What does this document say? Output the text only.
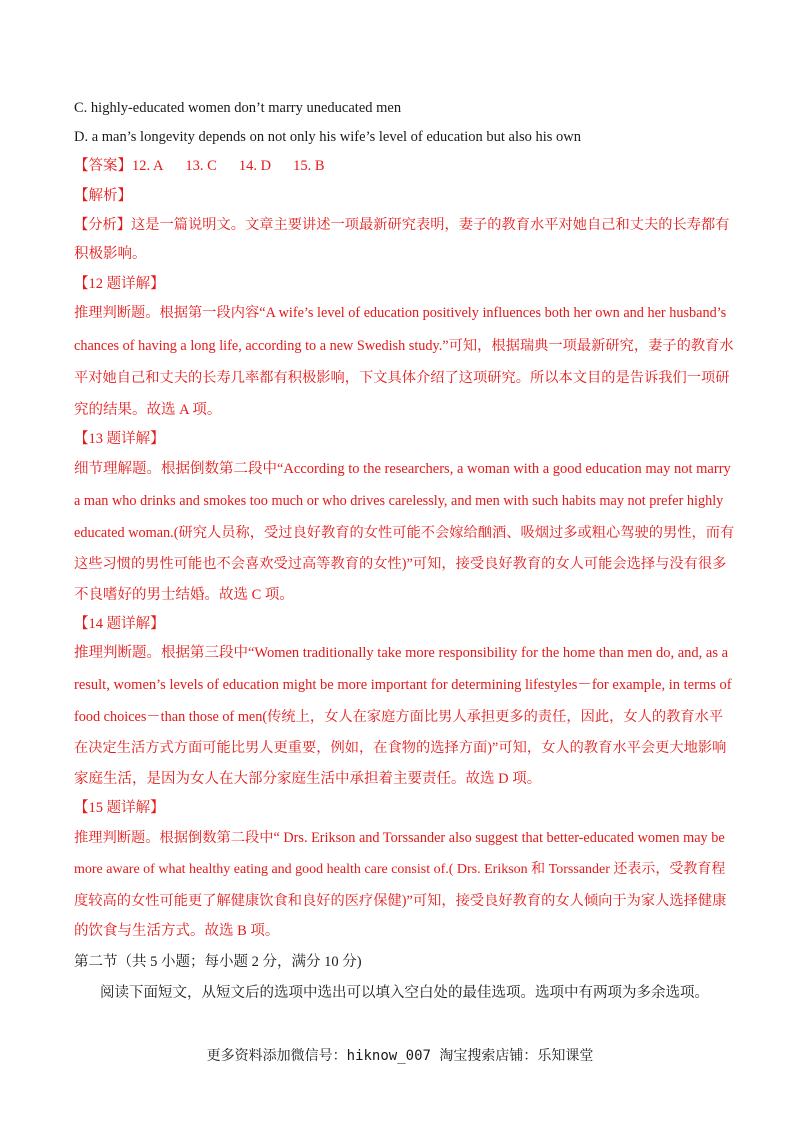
C. highly-educated women don’t marry uneducated men
D. a man’s longevity depends on not only his wife’s level of education but also his own
【答案】12. A 13. C 14. D 15. B
【解析】
【分析】这是一篇说明文。文章主要讲述一项最新研究表明，妻子的教育水平对她自己和丈夫的长寿都有
积极影响。
【12 题详解】
推理判断题。根据第一段内容“A wife’s level of education positively influences both her own and her husband’s
chances of having a long life, according to a new Swedish study.”可知，根据瑞典一项最新研究，妻子的教育水
平对她自己和丈夫的长寿几率都有积极影响，下文具体介绍了这项研究。所以本文目的是告诉我们一项研
究的结果。故选 A 项。
【13 题详解】
细节理解题。根据倒数第二段中“According to the researchers, a woman with a good education may not marry
a man who drinks and smokes too much or who drives carelessly, and men with such habits may not prefer highly
educated woman.(研究人员称，受过良好教育的女性可能不会嫁给酗酒、吸烟过多或粗心驾驶的男性，而有
这些习惯的男性可能也不会喜欢受过高等教育的女性)”可知，接受良好教育的女人可能会选择与没有很多
不良嗜好的男士结婚。故选 C 项。
【14 题详解】
推理判断题。根据第三段中“Women traditionally take more responsibility for the home than men do, and, as a
result, women’s levels of education might be more important for determining lifestyles－for example, in terms of
food choices－than those of men(传统上，女人在家庭方面比男人承担更多的责任，因此，女人的教育水平
在决定生活方式方面可能比男人更重要，例如，在食物的选择方面)”可知，女人的教育水平会更大地影响
家庭生活，是因为女人在大部分家庭生活中承担着主要责任。故选 D 项。
【15 题详解】
推理判断题。根据倒数第二段中“ Drs. Erikson and Torssander also suggest that better-educated women may be
more aware of what healthy eating and good health care consist of.( Drs. Erikson 和 Torssander 还表示，受教育程
度较高的女性可能更了解健康饮食和良好的医疗保健)”可知，接受良好教育的女人倾向于为家人选择健康
的饮食与生活方式。故选 B 项。
第二节（共 5 小题；每小题 2 分，满分 10 分)
阅读下面短文，从短文后的选项中选出可以填入空白处的最佳选项。选项中有两项为多余选项。
更多资料添加微信号：hiknow_007 淘宝搜索店铺：乐知课堂
